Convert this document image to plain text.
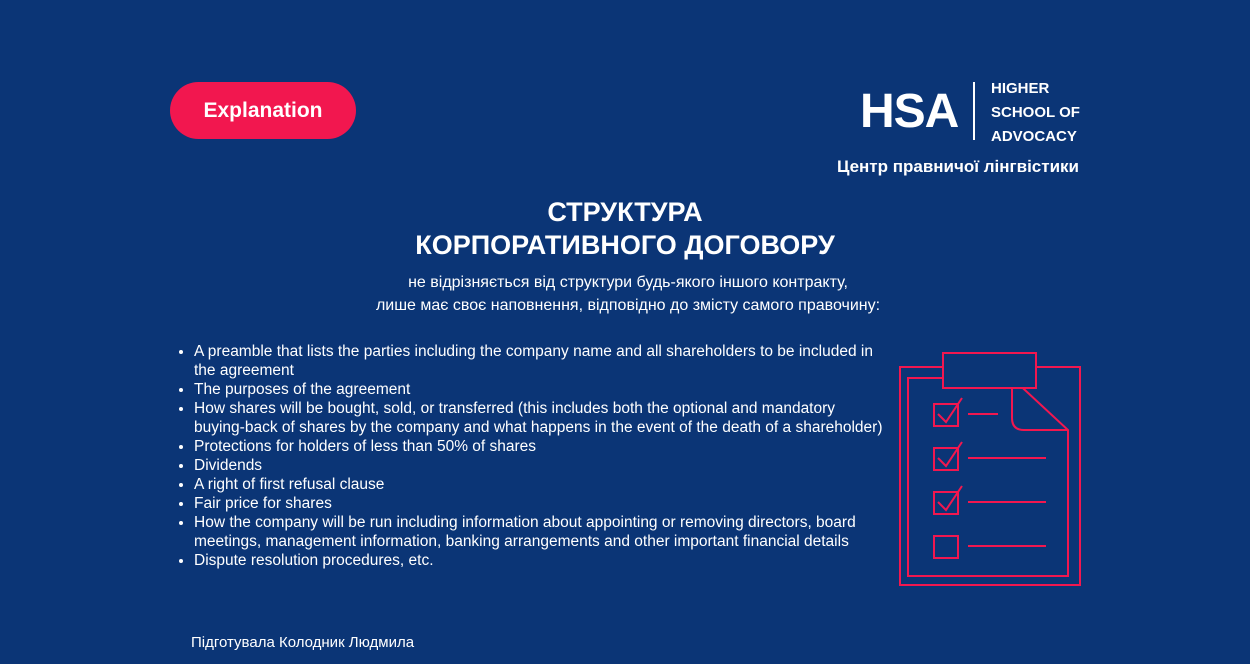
Explanation	HSA HIGHER
SCHOOL OF
ADVOCACY
Центр правничої лінгвістики
СТРУКТУРА
КОРПОРАТИВНОГО ДОГОВОРУ
не відрізняється від структури будь-якого іншого контракту,
лише має своє наповнення, відповідно до змісту самого правочину:
• A preamble that lists the parties including the company name and all shareholders to be included in the agreement
• The purposes of the agreement
• How shares will be bought, sold, or transferred (this includes both the optional and mandatory buying-back of shares by the company and what happens in the event of the death of a shareholder)
• Protections for holders of less than 50% of shares
• Dividends
• A right of first refusal clause
• Fair price for shares
• How the company will be run including information about appointing or removing directors, board meetings, management information, banking arrangements and other important financial details
• Dispute resolution procedures, etc.
Підготувала Колодник Людмила
